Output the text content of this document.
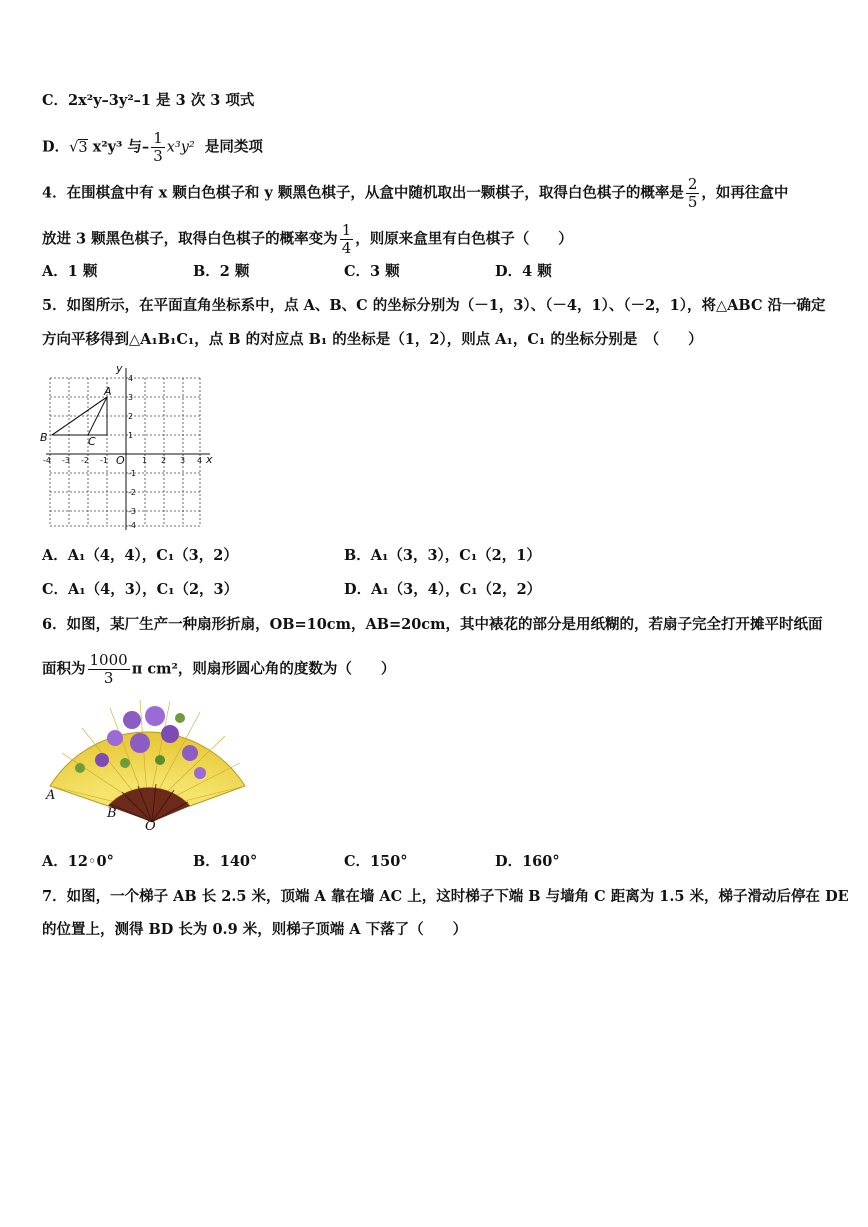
C．2x²y–3y²–1 是 3 次 3 项式
D．√3 x²y³ 与– $\frac{1}{3} x^3y^2$ 是同类项
4．在围棋盒中有 x 颗白色棋子和 y 颗黑色棋子，从盒中随机取出一颗棋子，取得白色棋子的概率是 $\frac{2}{5}$ ，如再往盒中
放进 3 颗黑色棋子，取得白色棋子的概率变为 $\frac{1}{4}$ ，则原来盒里有白色棋子（　　）
A．1 颗	B．2 颗	C．3 颗	D．4 颗
5．如图所示，在平面直角坐标系中，点 A、B、C 的坐标分别为（－1，3）、（－4，1）、（－2，1），将△ABC 沿一确定
方向平移得到△A₁B₁C₁，点 B 的对应点 B₁ 的坐标是（1，2），则点 A₁，C₁ 的坐标分别是　（　　）
-4 -3 -2 -1 O 1 2 3 4
4
3
2
1
-1
-2
-3
-4
x
y
A
B	C
A．A₁（4，4），C₁（3，2）	B．A₁（3，3），C₁（2，1）
C．A₁（4，3），C₁（2，3）	D．A₁（3，4），C₁（2，2）
6．如图，某厂生产一种扇形折扇，OB=10cm，AB=20cm，其中裱花的部分是用纸糊的，若扇子完全打开摊平时纸面
面积为 $\frac{1000}{3}$ π cm²，则扇形圆心角的度数为（　　）
A
B
O
A．12◦0°	B．140°	C．150°	D．160°
7．如图，一个梯子 AB 长 2.5 米，顶端 A 靠在墙 AC 上，这时梯子下端 B 与墙角 C 距离为 1.5 米，梯子滑动后停在 DE
的位置上，测得 BD 长为 0.9 米，则梯子顶端 A 下落了（　　）
